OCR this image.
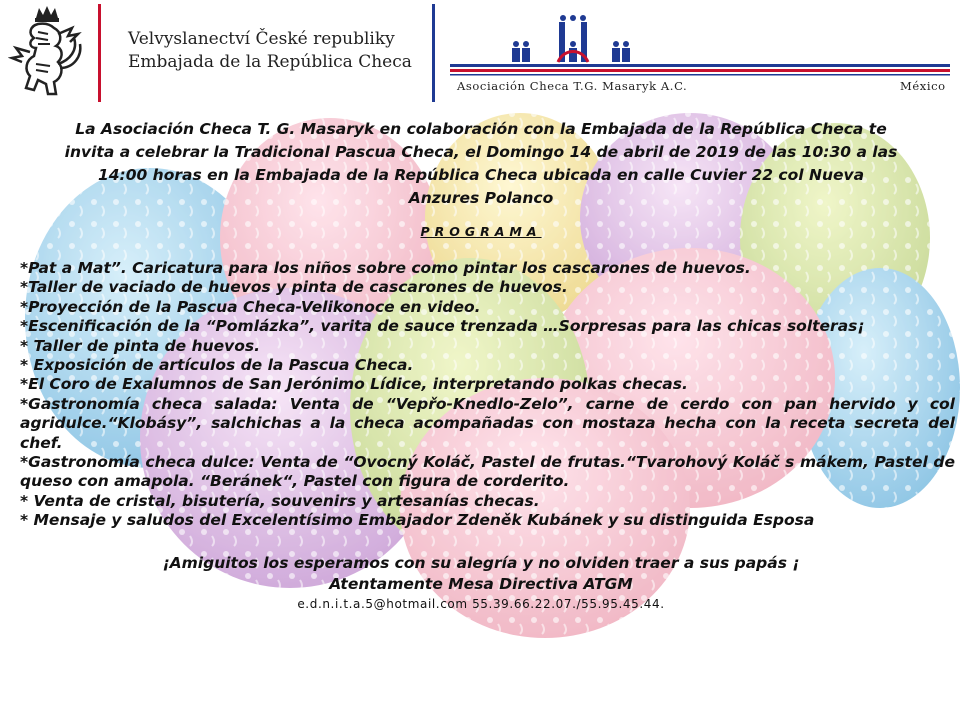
Velvyslanectví České republiky
Embajada de la República Checa
Asociación Checa T.G. Masaryk A.C.	México
La Asociación Checa T. G. Masaryk en colaboración con la Embajada de la República Checa te
invita a celebrar la Tradicional Pascua Checa, el Domingo 14 de abril de 2019 de las 10:30 a las
14:00 horas en la Embajada de la República Checa ubicada en calle Cuvier 22 col Nueva
Anzures Polanco
PROGRAMA

*Pat a Mat”. Caricatura para los niños sobre como pintar los cascarones de huevos.

*Taller de vaciado de huevos y pinta de cascarones de huevos.

*Proyección de la Pascua Checa-Velikonoce en video.

*Escenificación de la “Pomlázka”, varita de sauce trenzada …Sorpresas para las chicas solteras¡

* Taller de pinta de huevos.

* Exposición de artículos de la Pascua Checa.

*El Coro de Exalumnos de San Jerónimo Lídice, interpretando polkas checas.

*Gastronomía checa salada: Venta de “Vepřo-Knedlo-Zelo”, carne de cerdo con pan hervido y col agridulce.“Klobásy”, salchichas a la checa acompañadas con mostaza hecha con la receta secreta del chef.

*Gastronomía checa dulce: Venta de “Ovocný Koláč, Pastel de frutas.“Tvarohový Koláč s mákem, Pastel de queso con amapola. “Beránek“, Pastel con figura de corderito.

* Venta de cristal, bisutería, souvenirs y artesanías checas.

* Mensaje y saludos del Excelentísimo Embajador Zdeněk Kubánek y su distinguida Esposa

¡Amiguitos los esperamos con su alegría y no olviden traer a sus papás ¡
Atentamente Mesa Directiva ATGM
e.d.n.i.t.a.5@hotmail.com 55.39.66.22.07./55.95.45.44.
